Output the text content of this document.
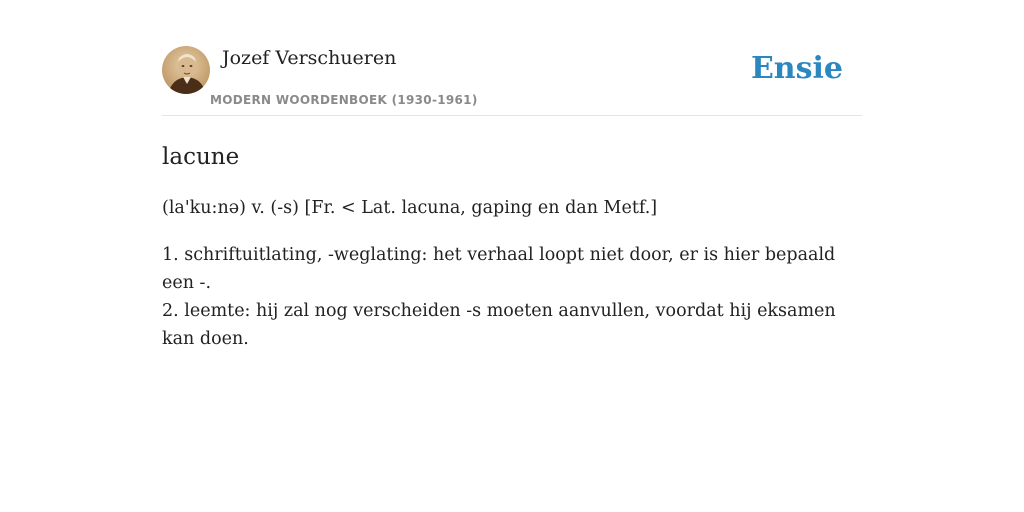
Jozef Verschueren
MODERN WOORDENBOEK (1930-1961)
Ensie
lacune

(la'ku:nə) v. (-s) [Fr. < Lat. lacuna, gaping en dan Metf.]

1. schriftuitlating, -weglating: het verhaal loopt niet door, er is hier bepaald een -.
2. leemte: hij zal nog verscheiden -s moeten aanvullen, voordat hij eksamen kan doen.
